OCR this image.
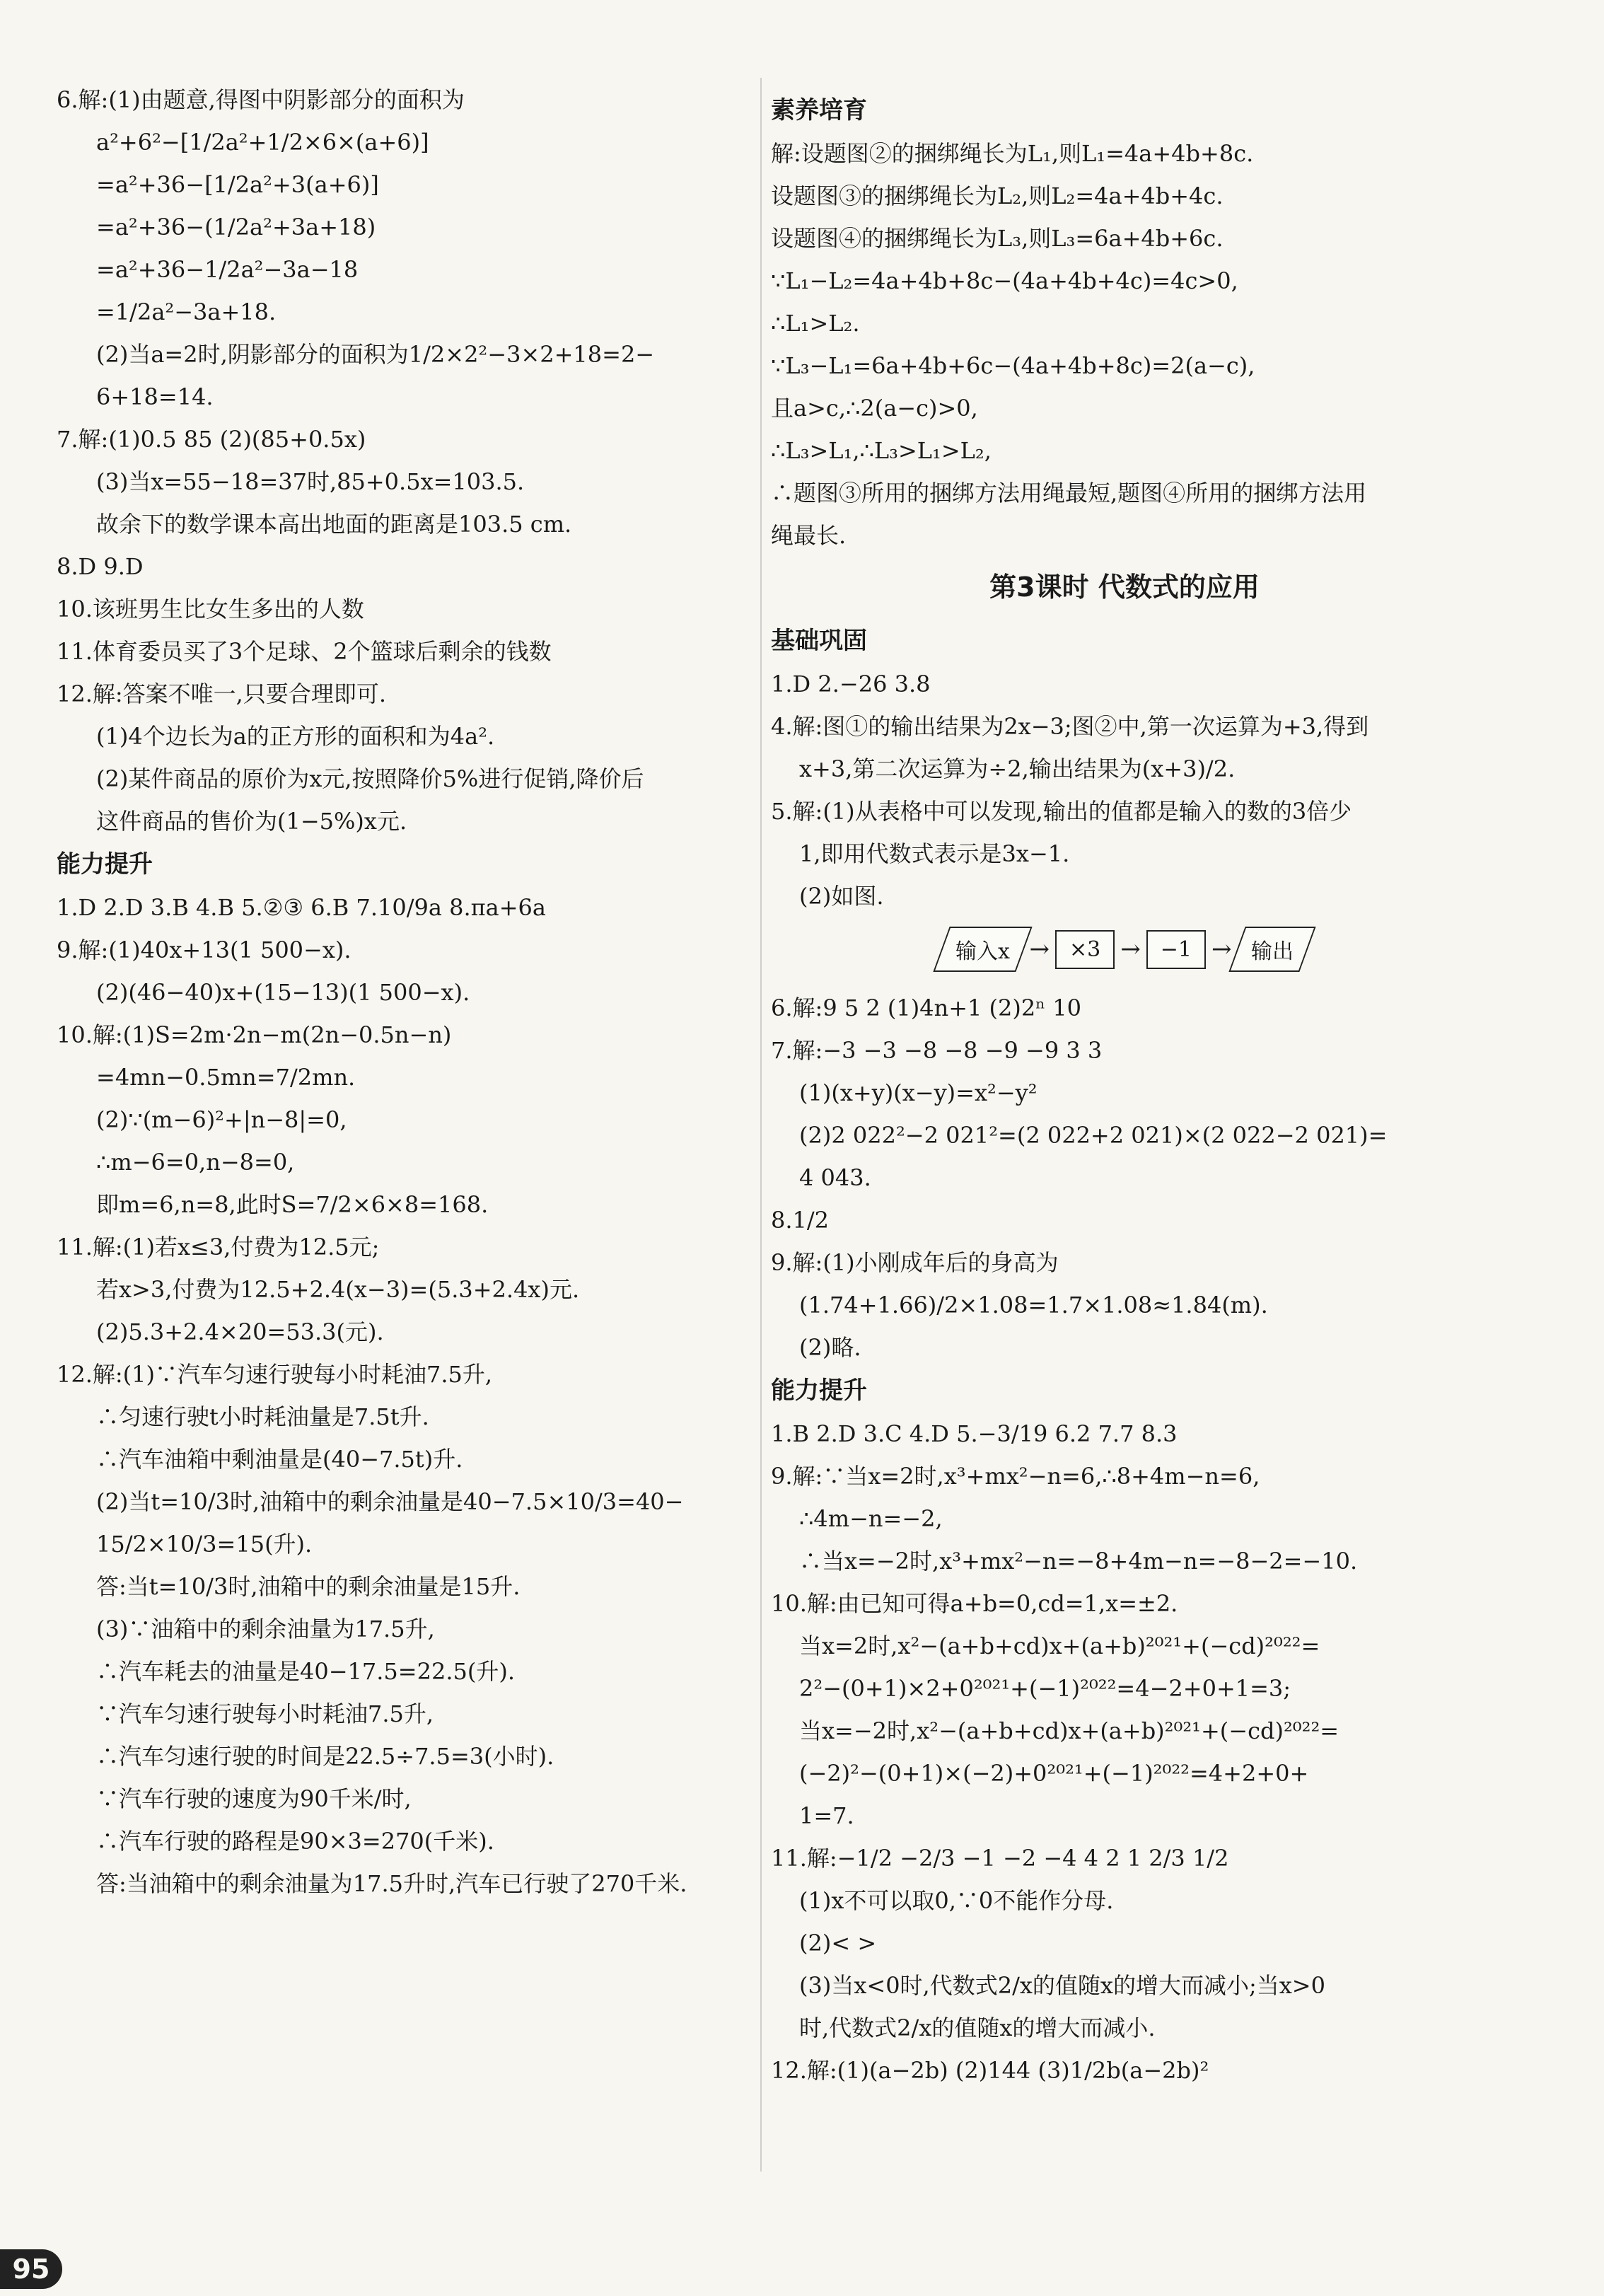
6.解:(1)由题意,得图中阴影部分的面积为
a²+6²−[1/2a²+1/2×6×(a+6)]
=a²+36−[1/2a²+3(a+6)]
=a²+36−(1/2a²+3a+18)
=a²+36−1/2a²−3a−18
=1/2a²−3a+18.
(2)当a=2时,阴影部分的面积为1/2×2²−3×2+18=2−
6+18=14.
7.解:(1)0.5 85 (2)(85+0.5x)
(3)当x=55−18=37时,85+0.5x=103.5.
故余下的数学课本高出地面的距离是103.5 cm.
8.D 9.D
10.该班男生比女生多出的人数
11.体育委员买了3个足球、2个篮球后剩余的钱数
12.解:答案不唯一,只要合理即可.
(1)4个边长为a的正方形的面积和为4a².
(2)某件商品的原价为x元,按照降价5%进行促销,降价后
这件商品的售价为(1−5%)x元.
能力提升
1.D 2.D 3.B 4.B 5.②③ 6.B 7.10/9a 8.πa+6a
9.解:(1)40x+13(1 500−x).
(2)(46−40)x+(15−13)(1 500−x).
10.解:(1)S=2m·2n−m(2n−0.5n−n)
=4mn−0.5mn=7/2mn.
(2)∵(m−6)²+|n−8|=0,
∴m−6=0,n−8=0,
即m=6,n=8,此时S=7/2×6×8=168.
11.解:(1)若x≤3,付费为12.5元;
若x>3,付费为12.5+2.4(x−3)=(5.3+2.4x)元.
(2)5.3+2.4×20=53.3(元).
12.解:(1)∵汽车匀速行驶每小时耗油7.5升,
∴匀速行驶t小时耗油量是7.5t升.
∴汽车油箱中剩油量是(40−7.5t)升.
(2)当t=10/3时,油箱中的剩余油量是40−7.5×10/3=40−
15/2×10/3=15(升).
答:当t=10/3时,油箱中的剩余油量是15升.
(3)∵油箱中的剩余油量为17.5升,
∴汽车耗去的油量是40−17.5=22.5(升).
∵汽车匀速行驶每小时耗油7.5升,
∴汽车匀速行驶的时间是22.5÷7.5=3(小时).
∵汽车行驶的速度为90千米/时,
∴汽车行驶的路程是90×3=270(千米).
答:当油箱中的剩余油量为17.5升时,汽车已行驶了270千米.
素养培育
解:设题图②的捆绑绳长为L₁,则L₁=4a+4b+8c.
设题图③的捆绑绳长为L₂,则L₂=4a+4b+4c.
设题图④的捆绑绳长为L₃,则L₃=6a+4b+6c.
∵L₁−L₂=4a+4b+8c−(4a+4b+4c)=4c>0,
∴L₁>L₂.
∵L₃−L₁=6a+4b+6c−(4a+4b+8c)=2(a−c),
且a>c,∴2(a−c)>0,
∴L₃>L₁,∴L₃>L₁>L₂,
∴题图③所用的捆绑方法用绳最短,题图④所用的捆绑方法用
绳最长.
第3课时 代数式的应用
基础巩固
1.D 2.−26 3.8
4.解:图①的输出结果为2x−3;图②中,第一次运算为+3,得到
x+3,第二次运算为÷2,输出结果为(x+3)/2.
5.解:(1)从表格中可以发现,输出的值都是输入的数的3倍少
1,即用代数式表示是3x−1.
(2)如图.
输入x → ×3 → −1 → 输出
6.解:9 5 2 (1)4n+1 (2)2ⁿ 10
7.解:−3 −3 −8 −8 −9 −9 3 3
(1)(x+y)(x−y)=x²−y²
(2)2 022²−2 021²=(2 022+2 021)×(2 022−2 021)=
4 043.
8.1/2
9.解:(1)小刚成年后的身高为
(1.74+1.66)/2×1.08=1.7×1.08≈1.84(m).
(2)略.
能力提升
1.B 2.D 3.C 4.D 5.−3/19 6.2 7.7 8.3
9.解:∵当x=2时,x³+mx²−n=6,∴8+4m−n=6,
∴4m−n=−2,
∴当x=−2时,x³+mx²−n=−8+4m−n=−8−2=−10.
10.解:由已知可得a+b=0,cd=1,x=±2.
当x=2时,x²−(a+b+cd)x+(a+b)²⁰²¹+(−cd)²⁰²²=
2²−(0+1)×2+0²⁰²¹+(−1)²⁰²²=4−2+0+1=3;
当x=−2时,x²−(a+b+cd)x+(a+b)²⁰²¹+(−cd)²⁰²²=
(−2)²−(0+1)×(−2)+0²⁰²¹+(−1)²⁰²²=4+2+0+
1=7.
11.解:−1/2 −2/3 −1 −2 −4 4 2 1 2/3 1/2
(1)x不可以取0,∵0不能作分母.
(2)< >
(3)当x<0时,代数式2/x的值随x的增大而减小;当x>0
时,代数式2/x的值随x的增大而减小.
12.解:(1)(a−2b) (2)144 (3)1/2b(a−2b)²
95
